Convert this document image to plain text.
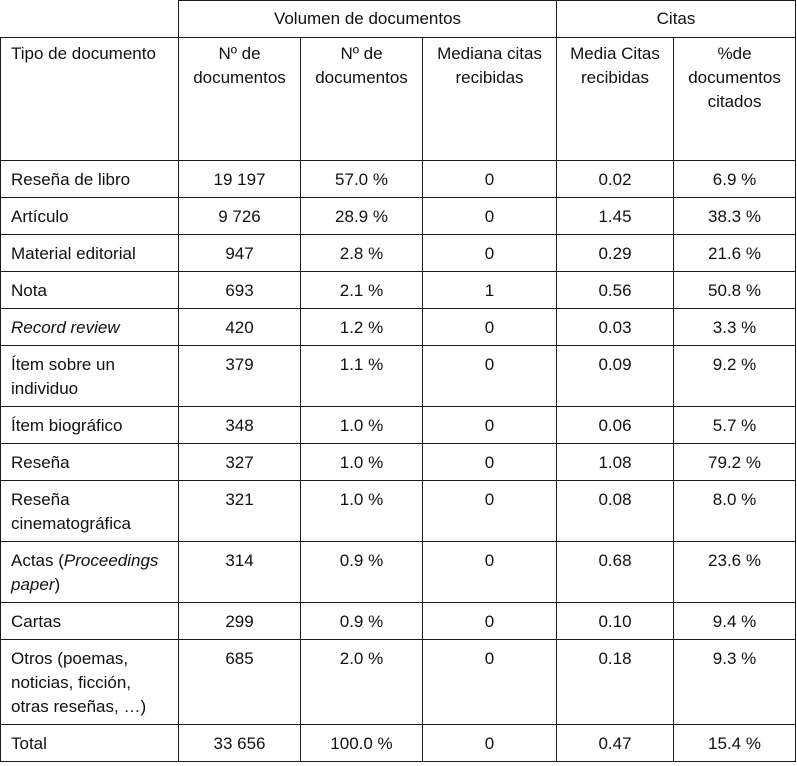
	Volumen de documentos			Citas	
Tipo de documento	Nº de documentos	Nº de documentos	Mediana citas recibidas	Media Citas recibidas	%de documentos citados
Reseña de libro	19 197	57.0 %	0	0.02	6.9 %
Artículo	9 726	28.9 %	0	1.45	38.3 %
Material editorial	947	2.8 %	0	0.29	21.6 %
Nota	693	2.1 %	1	0.56	50.8 %
Record review	420	1.2 %	0	0.03	3.3 %
Ítem sobre un individuo	379	1.1 %	0	0.09	9.2 %
Ítem biográfico	348	1.0 %	0	0.06	5.7 %
Reseña	327	1.0 %	0	1.08	79.2 %
Reseña cinematográfica	321	1.0 %	0	0.08	8.0 %
Actas (Proceedings paper)	314	0.9 %	0	0.68	23.6 %
Cartas	299	0.9 %	0	0.10	9.4 %
Otros (poemas, noticias, ficción, otras reseñas, …)	685	2.0 %	0	0.18	9.3 %
Total	33 656	100.0 %	0	0.47	15.4 %
